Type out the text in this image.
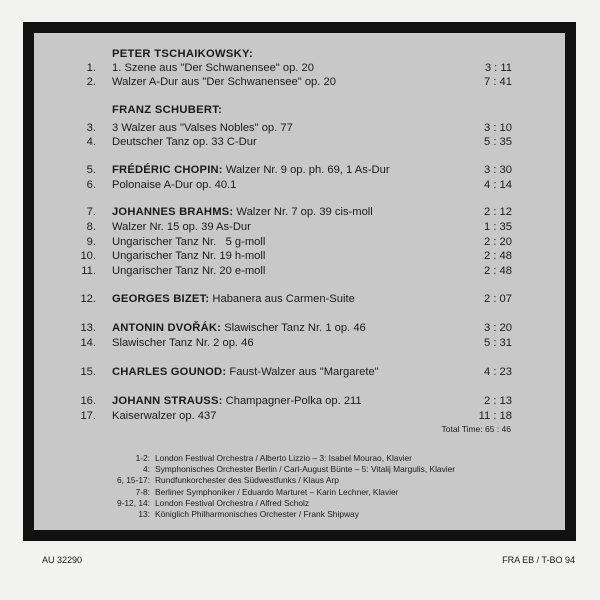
PETER TSCHAIKOWSKY:
FRANZ SCHUBERT:
1. 1. Szene aus "Der Schwanensee" op. 20	3 : 11
2. Walzer A-Dur aus "Der Schwanensee" op. 20	7 : 41
3. 3 Walzer aus "Valses Nobles" op. 77	3 : 10
4. Deutscher Tanz op. 33 C-Dur	5 : 35
5. FRÉDÉRIC CHOPIN: Walzer Nr. 9 op. ph. 69, 1 As-Dur	3 : 30
6. Polonaise A-Dur op. 40.1	4 : 14
7. JOHANNES BRAHMS: Walzer Nr. 7 op. 39 cis-moll	2 : 12
8. Walzer Nr. 15 op. 39 As-Dur	1 : 35
9. Ungarischer Tanz Nr.   5 g-moll	2 : 20
10. Ungarischer Tanz Nr. 19 h-moll	2 : 48
11. Ungarischer Tanz Nr. 20 e-moll	2 : 48
12. GEORGES BIZET: Habanera aus Carmen-Suite	2 : 07
13. ANTONIN DVOŘÁK: Slawischer Tanz Nr. 1 op. 46	3 : 20
14. Slawischer Tanz Nr. 2 op. 46	5 : 31
15. CHARLES GOUNOD: Faust-Walzer aus "Margarete"	4 : 23
16. JOHANN STRAUSS: Champagner-Polka op. 211	2 : 13
17. Kaiserwalzer op. 437	11 : 18
Total Time: 65 : 46
1-2: London Festival Orchestra / Alberto Lizzio – 3: Isabel Mourao, Klavier
4: Symphonisches Orchester Berlin / Carl-August Bünte – 5: Vitalij Margulis, Klavier
6, 15-17: Rundfunkorchester des Südwestfunks / Klaus Arp
7-8: Berliner Symphoniker / Eduardo Marturet – Karin Lechner, Klavier
9-12, 14: London Festival Orchestra / Alfred Scholz
13: Königlich Philharmonisches Orchester / Frank Shipway
AU 32290	FRA EB / T-BO 94
